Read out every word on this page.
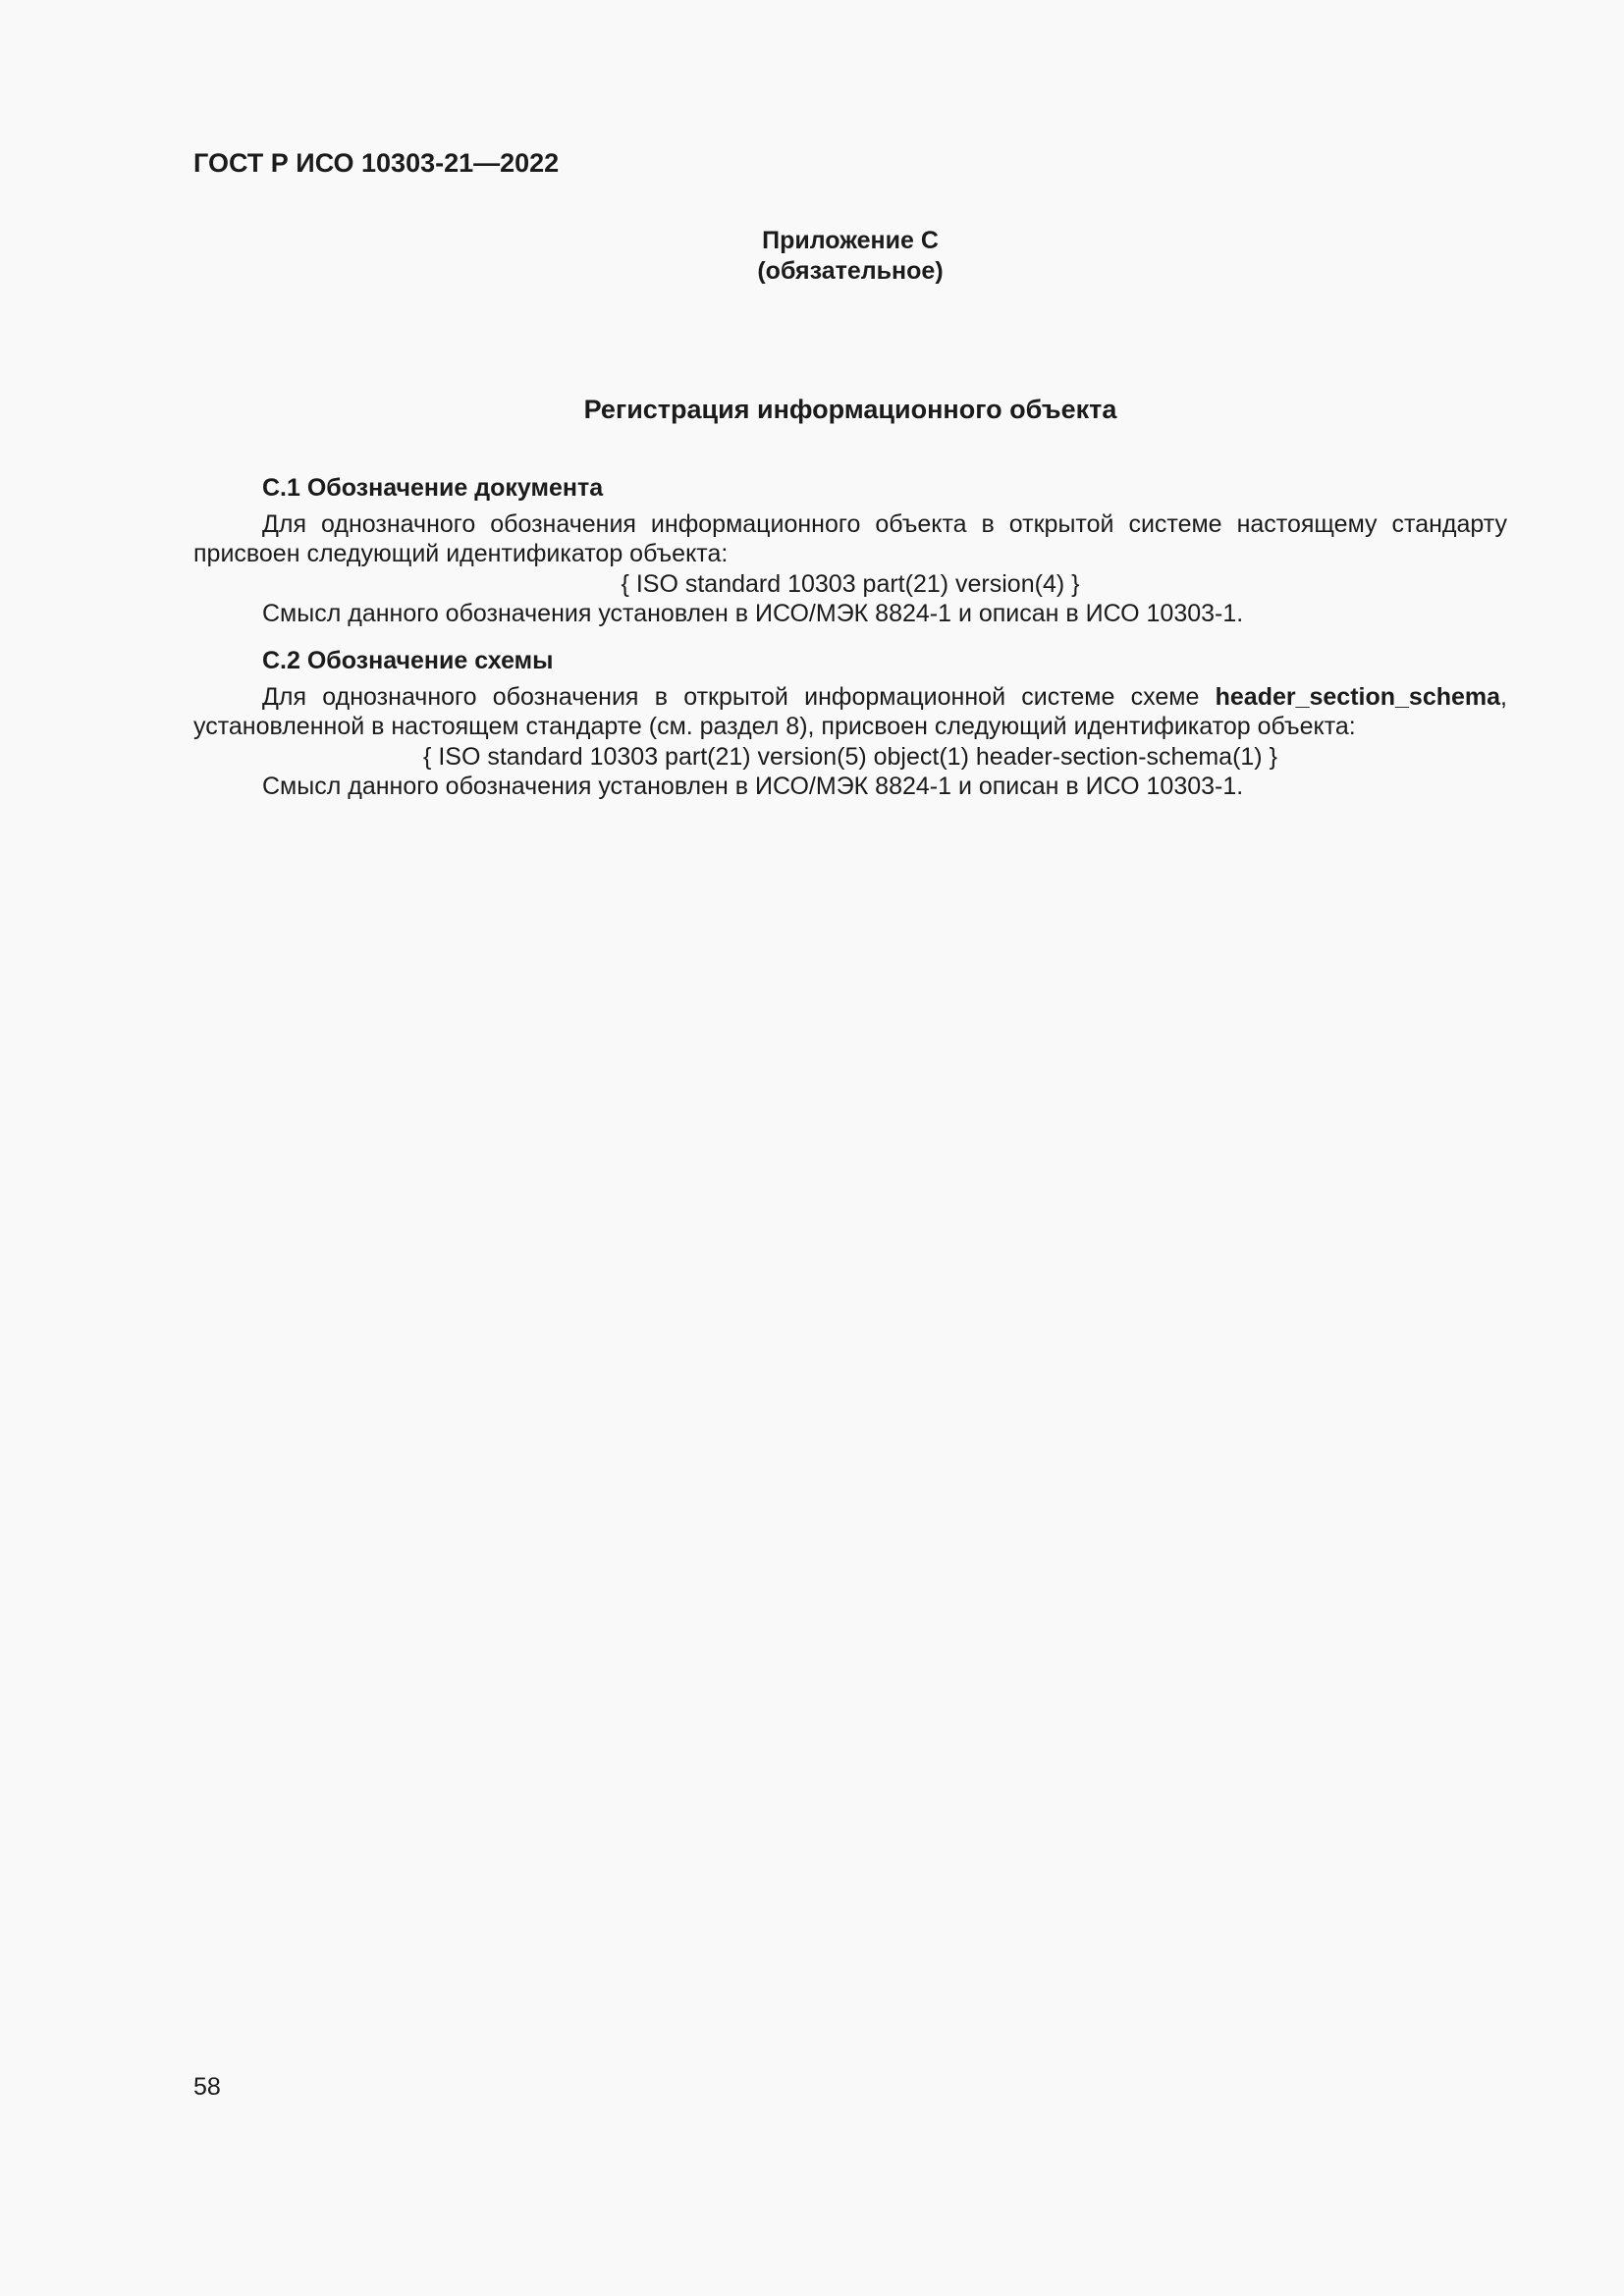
ГОСТ Р ИСО 10303-21—2022
Приложение С
(обязательное)
Регистрация информационного объекта
С.1 Обозначение документа
Для однозначного обозначения информационного объекта в открытой системе настоящему стандарту присвоен следующий идентификатор объекта:
{ ISO standard 10303 part(21) version(4) }
Смысл данного обозначения установлен в ИСО/МЭК 8824-1 и описан в ИСО 10303-1.
С.2 Обозначение схемы
Для однозначного обозначения в открытой информационной системе схеме header_section_schema, установленной в настоящем стандарте (см. раздел 8), присвоен следующий идентификатор объекта:
{ ISO standard 10303 part(21) version(5) object(1) header-section-schema(1) }
Смысл данного обозначения установлен в ИСО/МЭК 8824-1 и описан в ИСО 10303-1.
58
